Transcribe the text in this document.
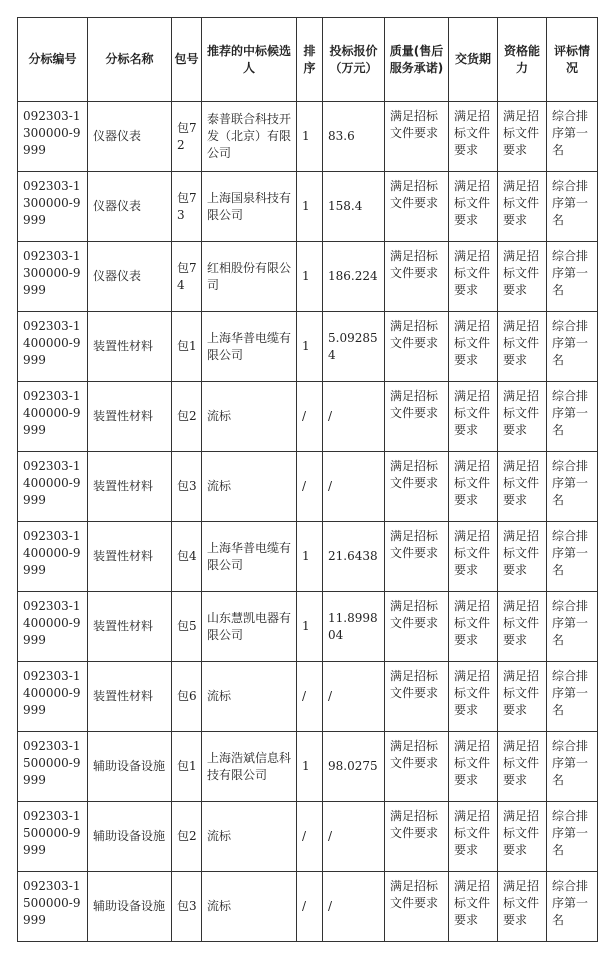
分标编号	分标名称	包号	推荐的中标候选人	排序	投标报价（万元）	质量(售后服务承诺)	交货期	资格能力	评标情况
092303-1300000-9999	仪器仪表	包72	泰普联合科技开发（北京）有限公司	1	83.6	满足招标文件要求	满足招标文件要求	满足招标文件要求	综合排序第一名
092303-1300000-9999	仪器仪表	包73	上海国泉科技有限公司	1	158.4	满足招标文件要求	满足招标文件要求	满足招标文件要求	综合排序第一名
092303-1300000-9999	仪器仪表	包74	红相股份有限公司	1	186.224	满足招标文件要求	满足招标文件要求	满足招标文件要求	综合排序第一名
092303-1400000-9999	装置性材料	包1	上海华普电缆有限公司	1	5.092854	满足招标文件要求	满足招标文件要求	满足招标文件要求	综合排序第一名
092303-1400000-9999	装置性材料	包2	流标	/	/	满足招标文件要求	满足招标文件要求	满足招标文件要求	综合排序第一名
092303-1400000-9999	装置性材料	包3	流标	/	/	满足招标文件要求	满足招标文件要求	满足招标文件要求	综合排序第一名
092303-1400000-9999	装置性材料	包4	上海华普电缆有限公司	1	21.6438	满足招标文件要求	满足招标文件要求	满足招标文件要求	综合排序第一名
092303-1400000-9999	装置性材料	包5	山东慧凯电器有限公司	1	11.899804	满足招标文件要求	满足招标文件要求	满足招标文件要求	综合排序第一名
092303-1400000-9999	装置性材料	包6	流标	/	/	满足招标文件要求	满足招标文件要求	满足招标文件要求	综合排序第一名
092303-1500000-9999	辅助设备设施	包1	上海浩斌信息科技有限公司	1	98.0275	满足招标文件要求	满足招标文件要求	满足招标文件要求	综合排序第一名
092303-1500000-9999	辅助设备设施	包2	流标	/	/	满足招标文件要求	满足招标文件要求	满足招标文件要求	综合排序第一名
092303-1500000-9999	辅助设备设施	包3	流标	/	/	满足招标文件要求	满足招标文件要求	满足招标文件要求	综合排序第一名
